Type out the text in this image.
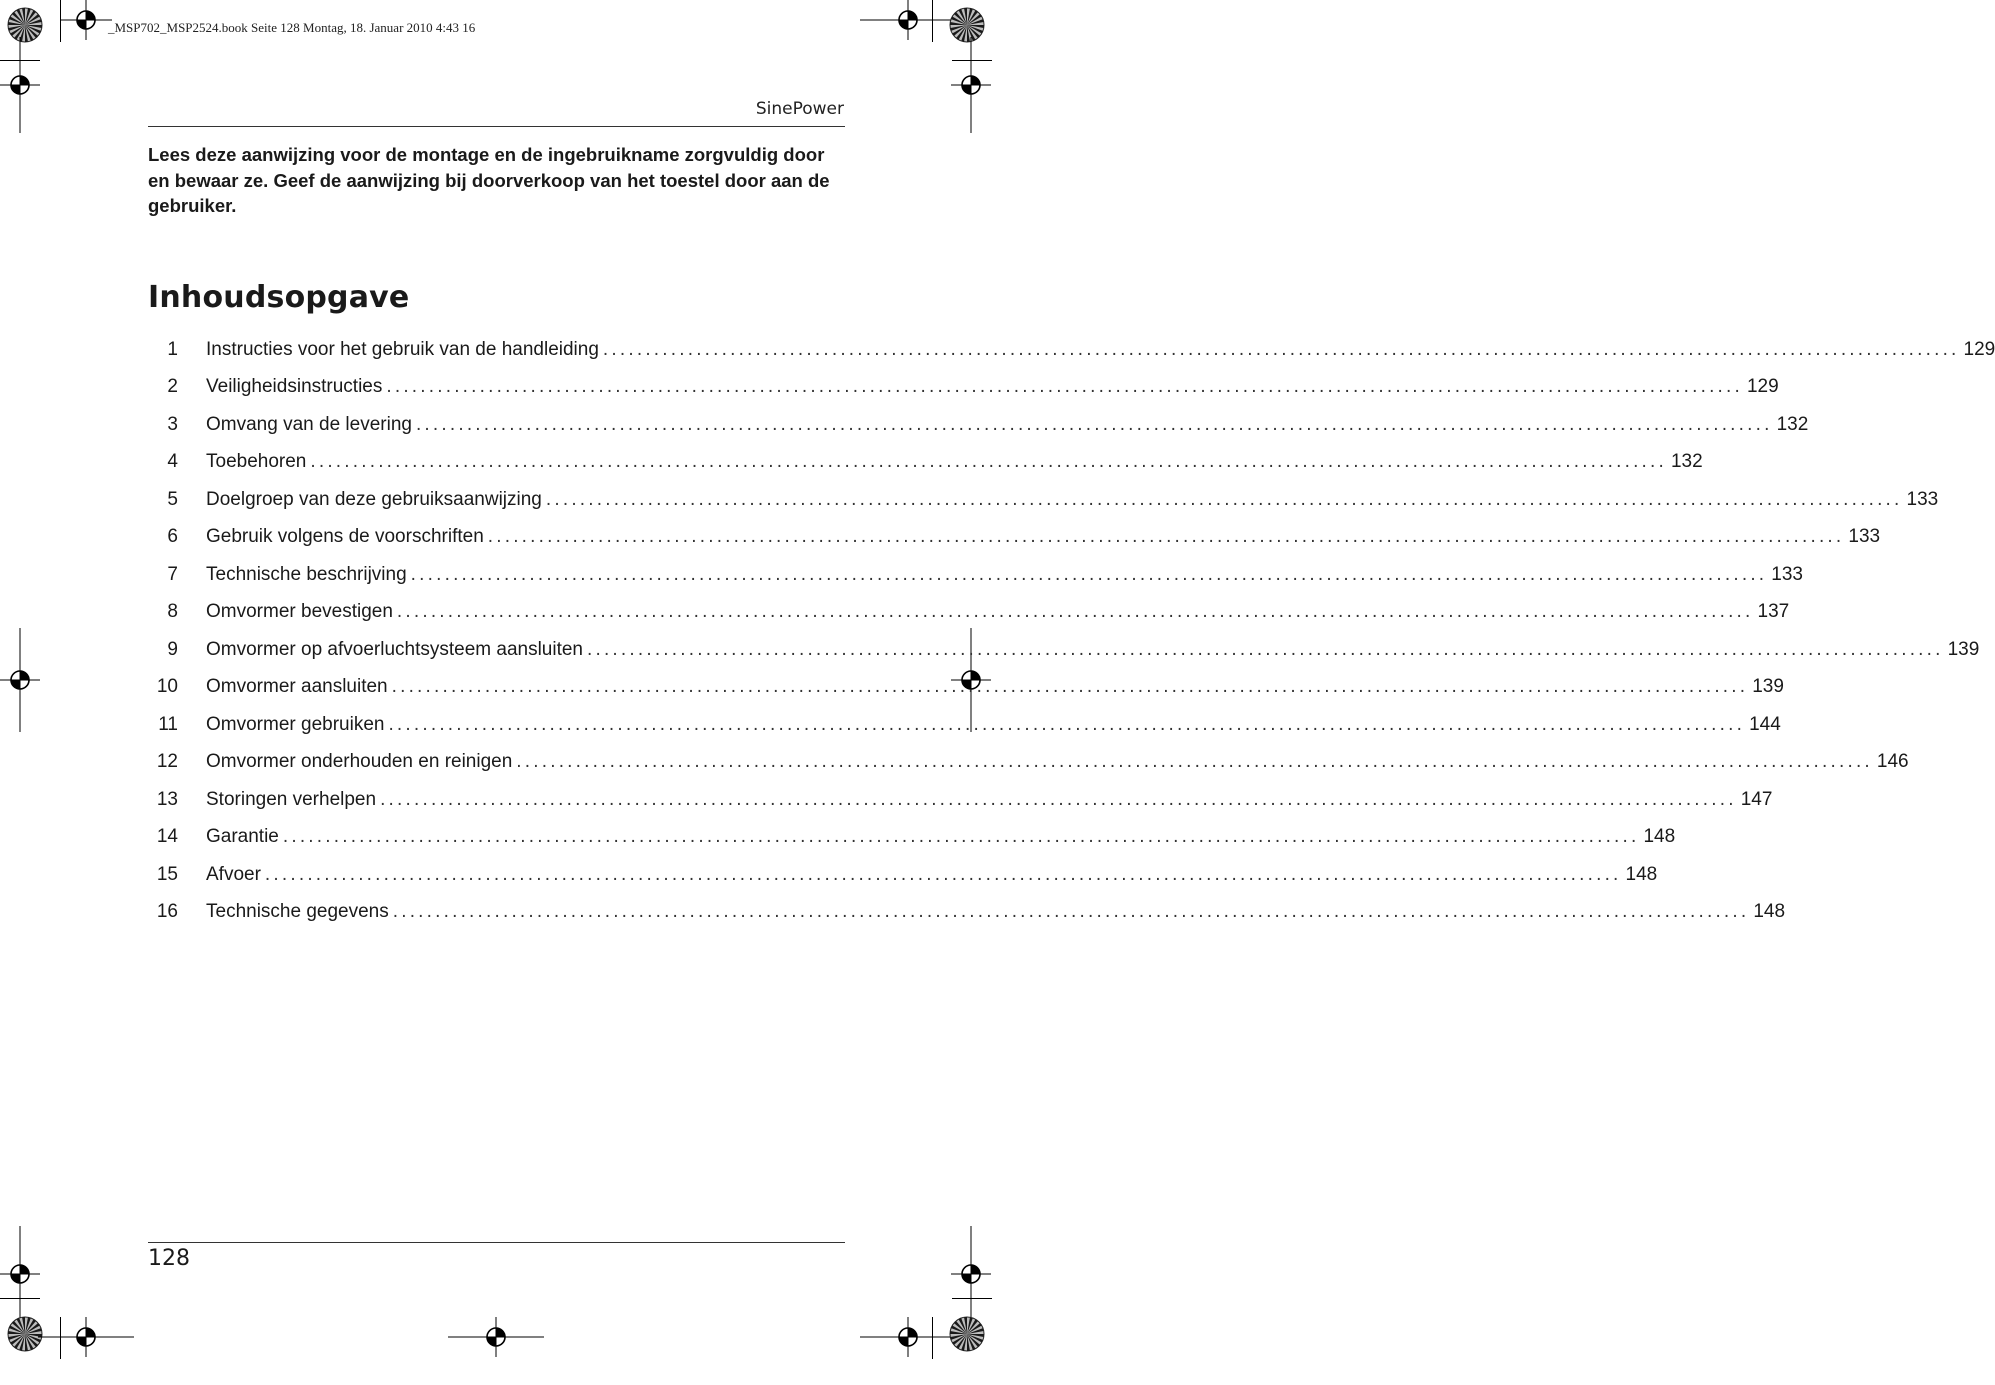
_MSP702_MSP2524.book Seite 128 Montag, 18. Januar 2010 4:43 16
SinePower
Lees deze aanwijzing voor de montage en de ingebruikname zorgvuldig door en bewaar ze. Geef de aanwijzing bij doorverkoop van het toestel door aan de gebruiker.
Inhoudsopgave
1 Instructies voor het gebruik van de handleiding ................................................................................................................................................................ 129
2 Veiligheidsinstructies ................................................................................................................................................................ 129
3 Omvang van de levering ................................................................................................................................................................ 132
4 Toebehoren ................................................................................................................................................................ 132
5 Doelgroep van deze gebruiksaanwijzing ................................................................................................................................................................ 133
6 Gebruik volgens de voorschriften ................................................................................................................................................................ 133
7 Technische beschrijving ................................................................................................................................................................ 133
8 Omvormer bevestigen ................................................................................................................................................................ 137
9 Omvormer op afvoerluchtsysteem aansluiten ................................................................................................................................................................ 139
10 Omvormer aansluiten ................................................................................................................................................................ 139
11 Omvormer gebruiken ................................................................................................................................................................ 144
12 Omvormer onderhouden en reinigen ................................................................................................................................................................ 146
13 Storingen verhelpen ................................................................................................................................................................ 147
14 Garantie ................................................................................................................................................................ 148
15 Afvoer ................................................................................................................................................................ 148
16 Technische gegevens ................................................................................................................................................................ 148
128
